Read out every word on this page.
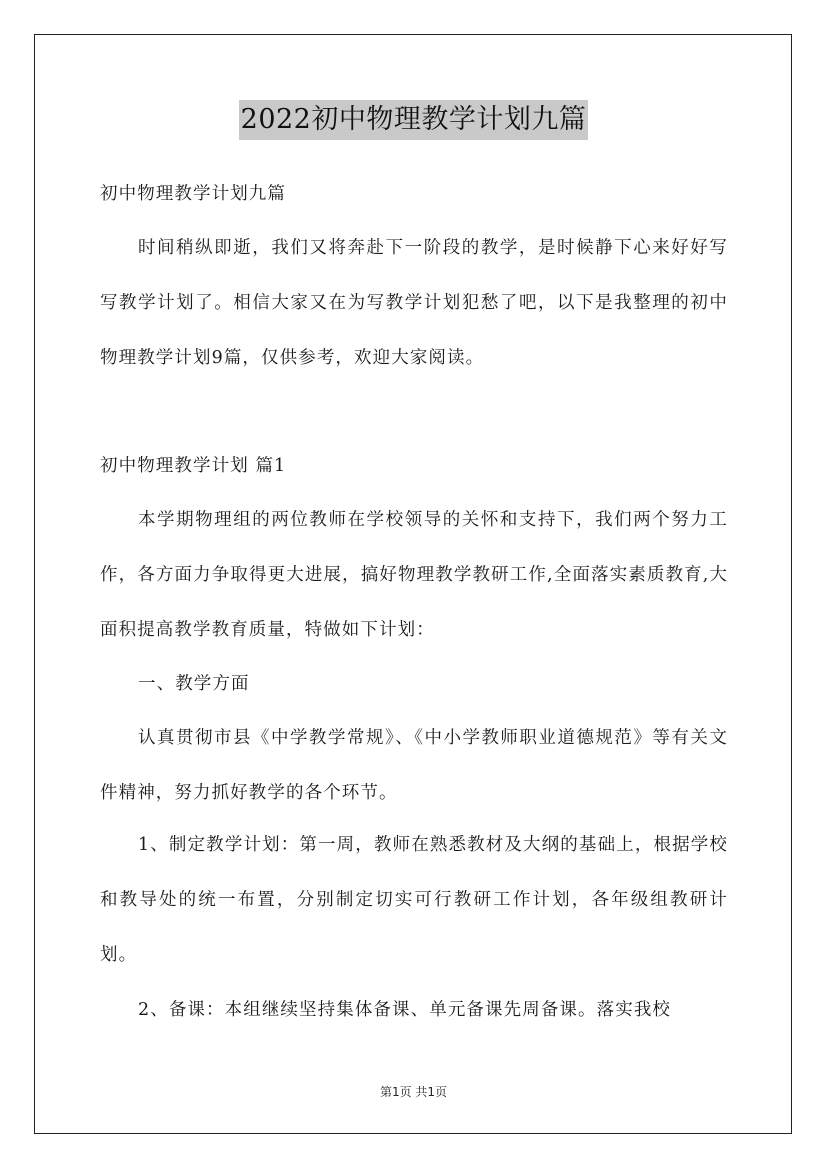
2022初中物理教学计划九篇

初中物理教学计划九篇

时间稍纵即逝，我们又将奔赴下一阶段的教学，是时候静下心来好好写写教学计划了。相信大家又在为写教学计划犯愁了吧，以下是我整理的初中物理教学计划9篇，仅供参考，欢迎大家阅读。

初中物理教学计划 篇1

本学期物理组的两位教师在学校领导的关怀和支持下，我们两个努力工作，各方面力争取得更大进展，搞好物理教学教研工作,全面落实素质教育,大面积提高教学教育质量，特做如下计划：

一、教学方面

认真贯彻市县《中学教学常规》、《中小学教师职业道德规范》等有关文件精神，努力抓好教学的各个环节。

1、制定教学计划：第一周，教师在熟悉教材及大纲的基础上，根据学校和教导处的统一布置，分别制定切实可行教研工作计划，各年级组教研计划。

2、备课：本组继续坚持集体备课、单元备课先周备课。落实我校

第1页 共1页
